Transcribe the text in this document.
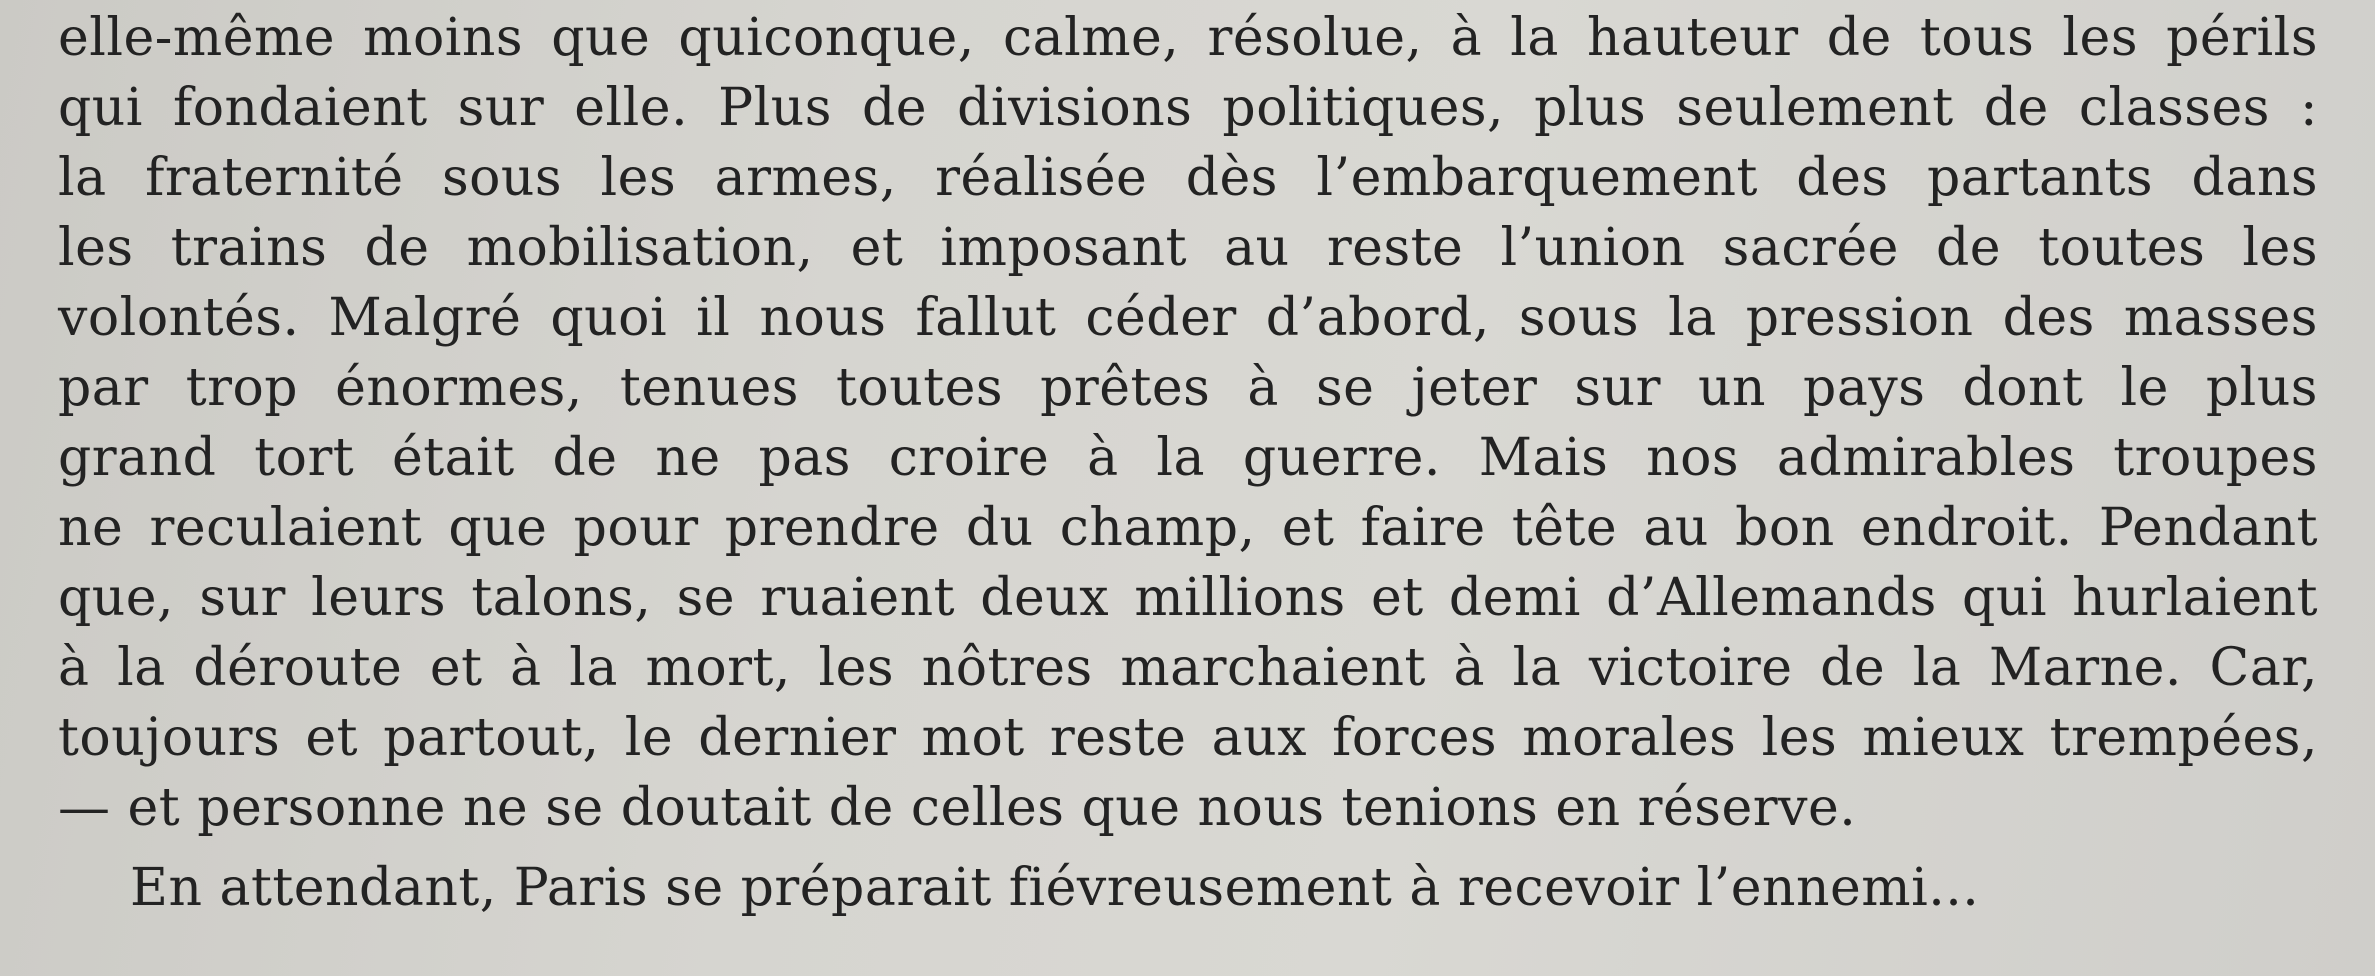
elle-même moins que quiconque, calme, résolue, à la hauteur de tous les périls
qui fondaient sur elle. Plus de divisions politiques, plus seulement de classes :
la fraternité sous les armes, réalisée dès l’embarquement des partants dans
les trains de mobilisation, et imposant au reste l’union sacrée de toutes les
volontés. Malgré quoi il nous fallut céder d’abord, sous la pression des masses
par trop énormes, tenues toutes prêtes à se jeter sur un pays dont le plus
grand tort était de ne pas croire à la guerre. Mais nos admirables troupes
ne reculaient que pour prendre du champ, et faire tête au bon endroit. Pendant
que, sur leurs talons, se ruaient deux millions et demi d’Allemands qui hurlaient
à la déroute et à la mort, les nôtres marchaient à la victoire de la Marne. Car,
toujours et partout, le dernier mot reste aux forces morales les mieux trempées,
— et personne ne se doutait de celles que nous tenions en réserve.
En attendant, Paris se préparait fiévreusement à recevoir l’ennemi...
